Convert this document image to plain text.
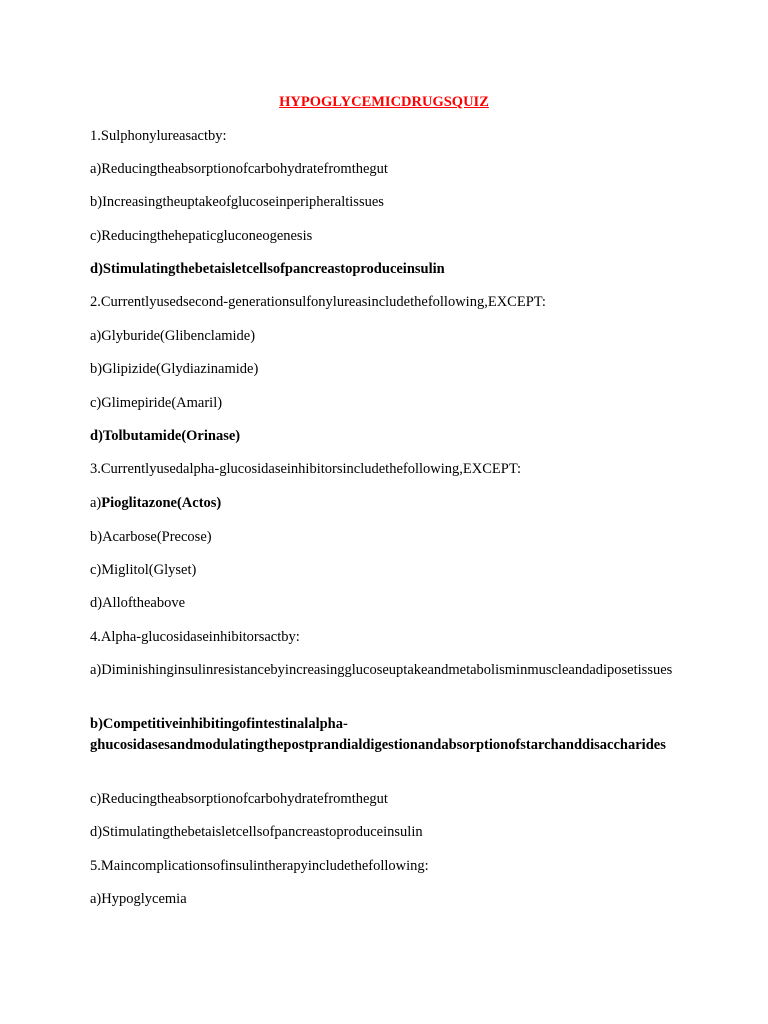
HYPOGLYCEMICDRUGSQUIZ
1.Sulphonylureasactby:
a)Reducingtheabsorptionofcarbohydratefromthegut
b)Increasingtheuptakeofglucoseinperipheraltissues
c)Reducingthehepaticgluconeogenesis
d)Stimulatingthebetaisletcellsofpancreastoproduceinsulin
2.Currentlyusedsecond-generationsulfonylureasincludethefollowing,EXCEPT:
a)Glyburide(Glibenclamide)
b)Glipizide(Glydiazinamide)
c)Glimepiride(Amaril)
d)Tolbutamide(Orinase)
3.Currentlyusedalpha-glucosidaseinhibitorsincludethefollowing,EXCEPT:
a)Pioglitazone(Actos)
b)Acarbose(Precose)
c)Miglitol(Glyset)
d)Alloftheabove
4.Alpha-glucosidaseinhibitorsactby:
a)Diminishinginsulinresistancebyincreasingglucoseuptakeandmetabolisminmuscleandadiposetissues
b)Competitiveinhibitingofintestinalalpha-
ghucosidasesandmodulatingthepostprandialdigestionandabsorptionofstarchanddisaccharides
c)Reducingtheabsorptionofcarbohydratefromthegut
d)Stimulatingthebetaisletcellsofpancreastoproduceinsulin
5.Maincomplicationsofinsulintherapyincludethefollowing:
a)Hypoglycemia
